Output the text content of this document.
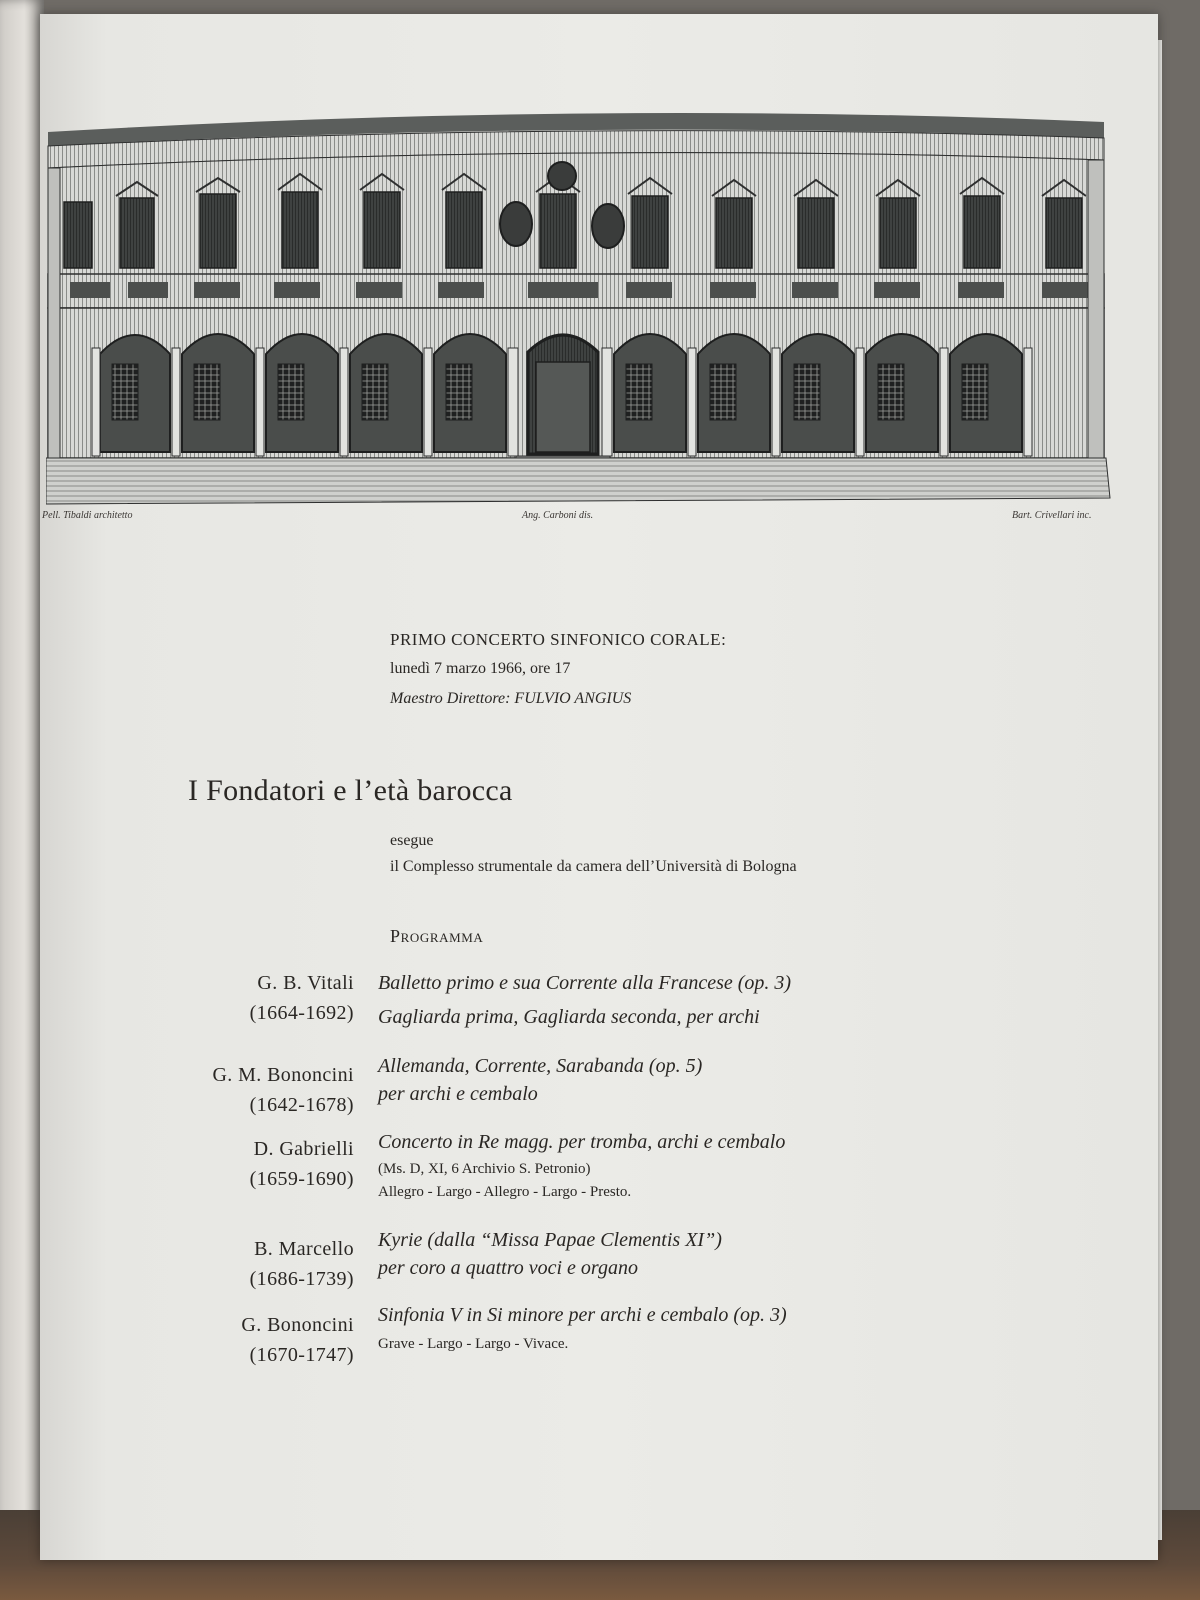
Pell. Tibaldi architetto	Ang. Carboni dis.	Bart. Crivellari inc.
PRIMO CONCERTO SINFONICO CORALE:
lunedì 7 marzo 1966, ore 17
Maestro Direttore: FULVIO ANGIUS
I Fondatori e l’età barocca
esegue
il Complesso strumentale da camera dell’Università di Bologna
Programma
G. B. Vitali
(1664-1692)
Balletto primo e sua Corrente alla Francese (op. 3)
Gagliarda prima, Gagliarda seconda, per archi
G. M. Bononcini
(1642-1678)
Allemanda, Corrente, Sarabanda (op. 5)
per archi e cembalo
D. Gabrielli
(1659-1690)
Concerto in Re magg. per tromba, archi e cembalo
(Ms. D, XI, 6 Archivio S. Petronio)
Allegro - Largo - Allegro - Largo - Presto.
B. Marcello
(1686-1739)
Kyrie (dalla “Missa Papae Clementis XI”)
per coro a quattro voci e organo
G. Bononcini
(1670-1747)
Sinfonia V in Si minore per archi e cembalo (op. 3)
Grave - Largo - Largo - Vivace.
